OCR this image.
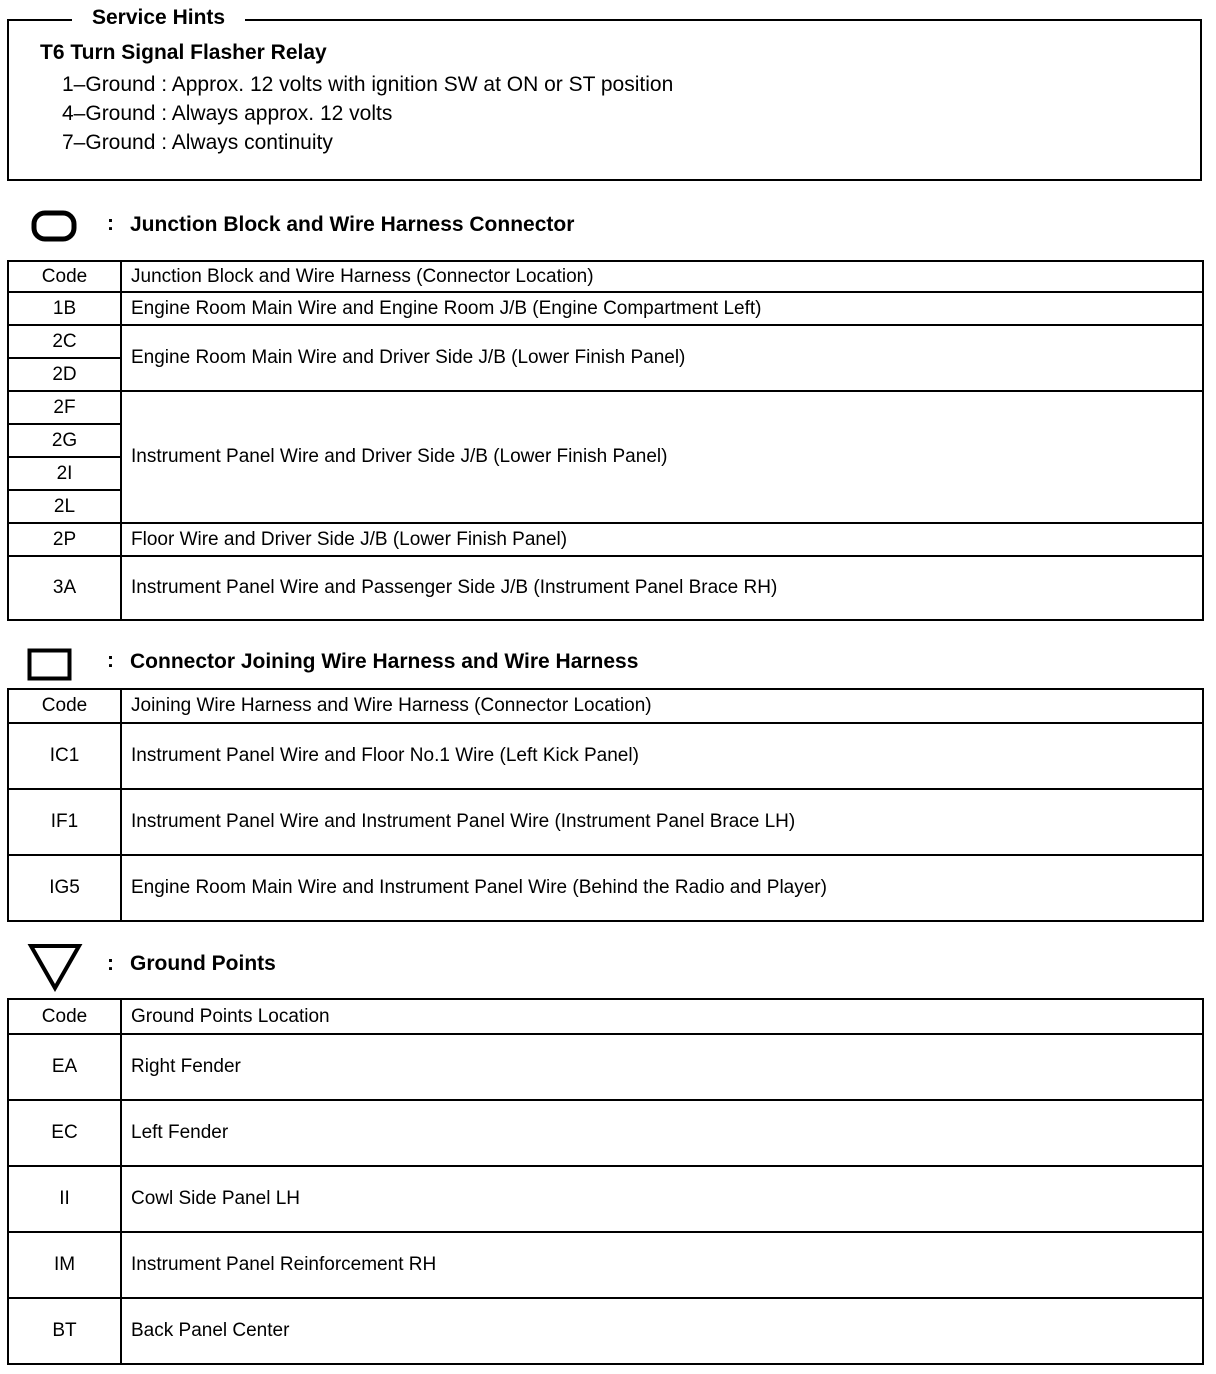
Service Hints
T6 Turn Signal Flasher Relay
1–Ground : Approx. 12 volts with ignition SW at ON or ST position
4–Ground : Always approx. 12 volts
7–Ground : Always continuity
: Junction Block and Wire Harness Connector
Code	Junction Block and Wire Harness (Connector Location)
1B	Engine Room Main Wire and Engine Room J/B (Engine Compartment Left)
2C	Engine Room Main Wire and Driver Side J/B (Lower Finish Panel)
2D	
2F	Instrument Panel Wire and Driver Side J/B (Lower Finish Panel)
2G	
2I	
2L	
2P	Floor Wire and Driver Side J/B (Lower Finish Panel)
3A	Instrument Panel Wire and Passenger Side J/B (Instrument Panel Brace RH)
: Connector Joining Wire Harness and Wire Harness
Code	Joining Wire Harness and Wire Harness (Connector Location)
IC1	Instrument Panel Wire and Floor No.1 Wire (Left Kick Panel)
IF1	Instrument Panel Wire and Instrument Panel Wire (Instrument Panel Brace LH)
IG5	Engine Room Main Wire and Instrument Panel Wire (Behind the Radio and Player)
: Ground Points
Code	Ground Points Location
EA	Right Fender
EC	Left Fender
II	Cowl Side Panel LH
IM	Instrument Panel Reinforcement RH
BT	Back Panel Center
